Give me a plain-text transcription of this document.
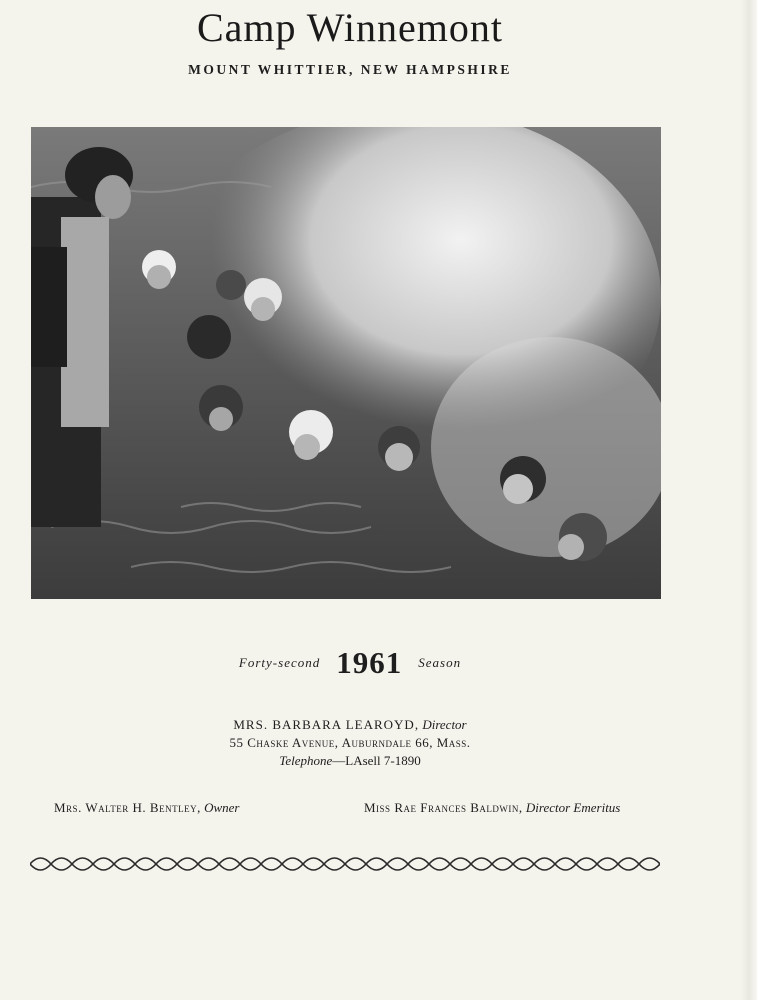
Camp Winnemont
MOUNT WHITTIER, NEW HAMPSHIRE
$^{Forty-second}$ 1961 $^{Season}$
MRS. BARBARA LEAROYD, Director
55 Chaske Avenue, Auburndale 66, Mass.
Telephone—LAsell 7-1890
Mrs. Walter H. Bentley, Owner	Miss Rae Frances Baldwin, Director Emeritus
